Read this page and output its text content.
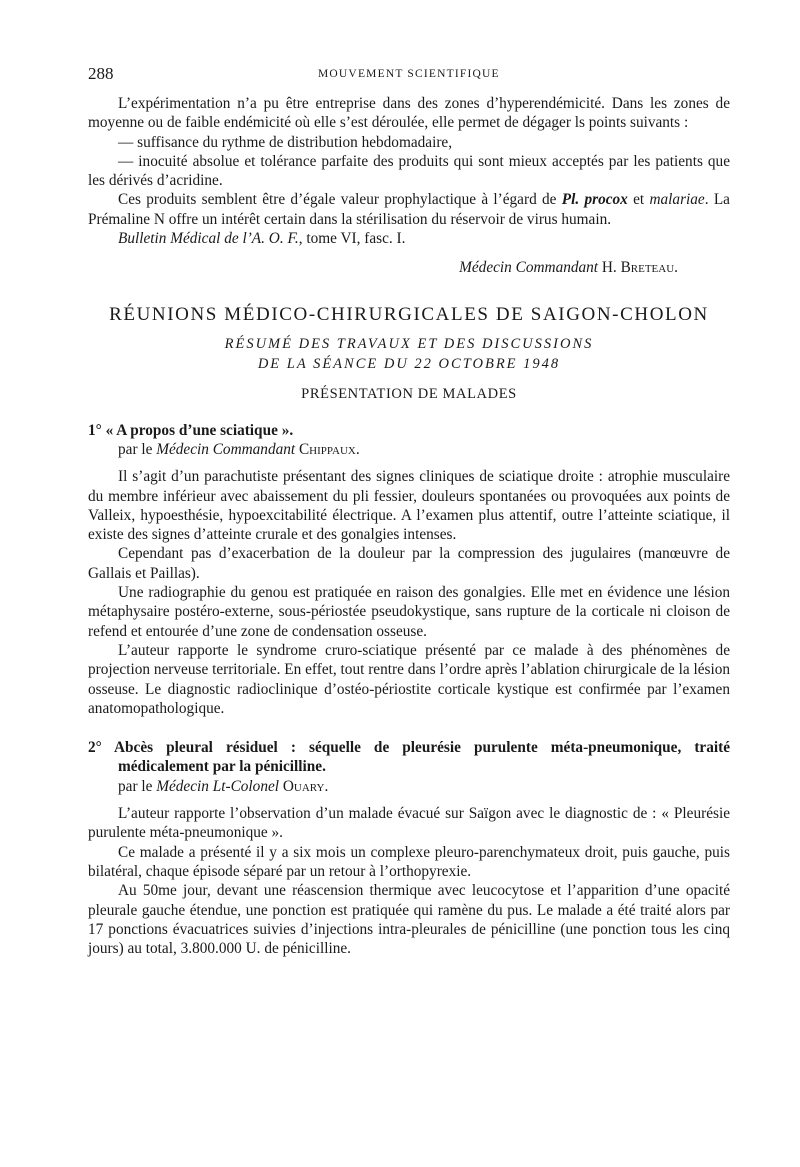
288	MOUVEMENT SCIENTIFIQUE

L’expérimentation n’a pu être entreprise dans des zones d’hyperendémicité. Dans les zones de moyenne ou de faible endémicité où elle s’est déroulée, elle permet de dégager ls points suivants :

— suffisance du rythme de distribution hebdomadaire,

— inocuité absolue et tolérance parfaite des produits qui sont mieux acceptés par les patients que les dérivés d’acridine.

Ces produits semblent être d’égale valeur prophylactique à l’égard de Pl. procox et malariae. La Prémaline N offre un intérêt certain dans la stérilisation du réservoir de virus humain.

Bulletin Médical de l’A. O. F., tome VI, fasc. I.

Médecin Commandant H. Breteau.

RÉUNIONS MÉDICO-CHIRURGICALES DE SAIGON-CHOLON
RÉSUMÉ DES TRAVAUX ET DES DISCUSSIONS
DE LA SÉANCE DU 22 OCTOBRE 1948
PRÉSENTATION DE MALADES

1° « A propos d’une sciatique ».

par le Médecin Commandant Chippaux.

Il s’agit d’un parachutiste présentant des signes cliniques de sciatique droite : atrophie musculaire du membre inférieur avec abaissement du pli fessier, douleurs spontanées ou provoquées aux points de Valleix, hypoesthésie, hypoexcitabilité électrique. A l’examen plus attentif, outre l’atteinte sciatique, il existe des signes d’atteinte crurale et des gonalgies intenses.

Cependant pas d’exacerbation de la douleur par la compression des jugulaires (manœuvre de Gallais et Paillas).

Une radiographie du genou est pratiquée en raison des gonalgies. Elle met en évidence une lésion métaphysaire postéro-externe, sous-périostée pseudokystique, sans rupture de la corticale ni cloison de refend et entourée d’une zone de condensation osseuse.

L’auteur rapporte le syndrome cruro-sciatique présenté par ce malade à des phénomènes de projection nerveuse territoriale. En effet, tout rentre dans l’ordre après l’ablation chirurgicale de la lésion osseuse. Le diagnostic radioclinique d’ostéo-périostite corticale kystique est confirmée par l’examen anatomopathologique.

2° Abcès pleural résiduel : séquelle de pleurésie purulente méta-pneumonique, traité médicalement par la pénicilline.

par le Médecin Lt-Colonel Ouary.

L’auteur rapporte l’observation d’un malade évacué sur Saïgon avec le diagnostic de : « Pleurésie purulente méta-pneumonique ».

Ce malade a présenté il y a six mois un complexe pleuro-parenchymateux droit, puis gauche, puis bilatéral, chaque épisode séparé par un retour à l’orthopyrexie.

Au 50me jour, devant une réascension thermique avec leucocytose et l’apparition d’une opacité pleurale gauche étendue, une ponction est pratiquée qui ramène du pus. Le malade a été traité alors par 17 ponctions évacuatrices suivies d’injections intra-pleurales de pénicilline (une ponction tous les cinq jours) au total, 3.800.000 U. de pénicilline.
